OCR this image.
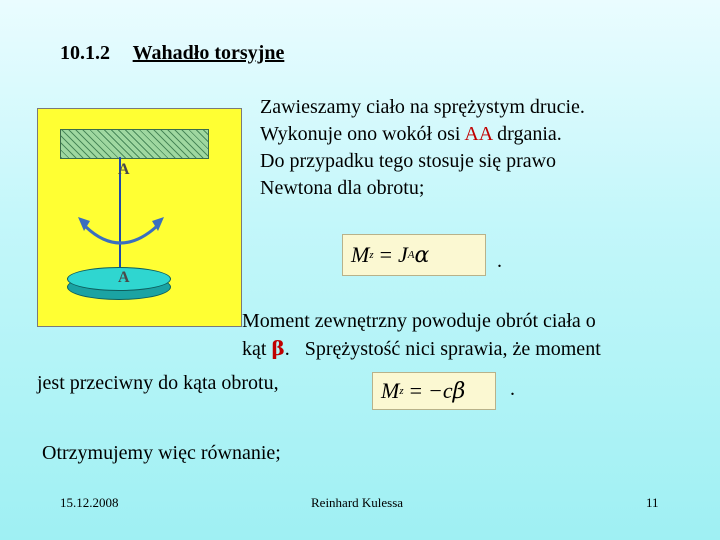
10.1.2 Wahadło torsyjne
A
A
Zawieszamy ciało na sprężystym drucie.
Wykonuje ono wokół osi AA drgania.
Do przypadku tego stosuje się prawo
Newtona dla obrotu;
M z = J A α	.
Moment zewnętrzny powoduje obrót ciała o
kąt β.   Sprężystość nici sprawia, że moment
jest przeciwny do kąta obrotu,	M z = −c β .
Otrzymujemy więc równanie;
15.12.2008	Reinhard Kulessa	11
